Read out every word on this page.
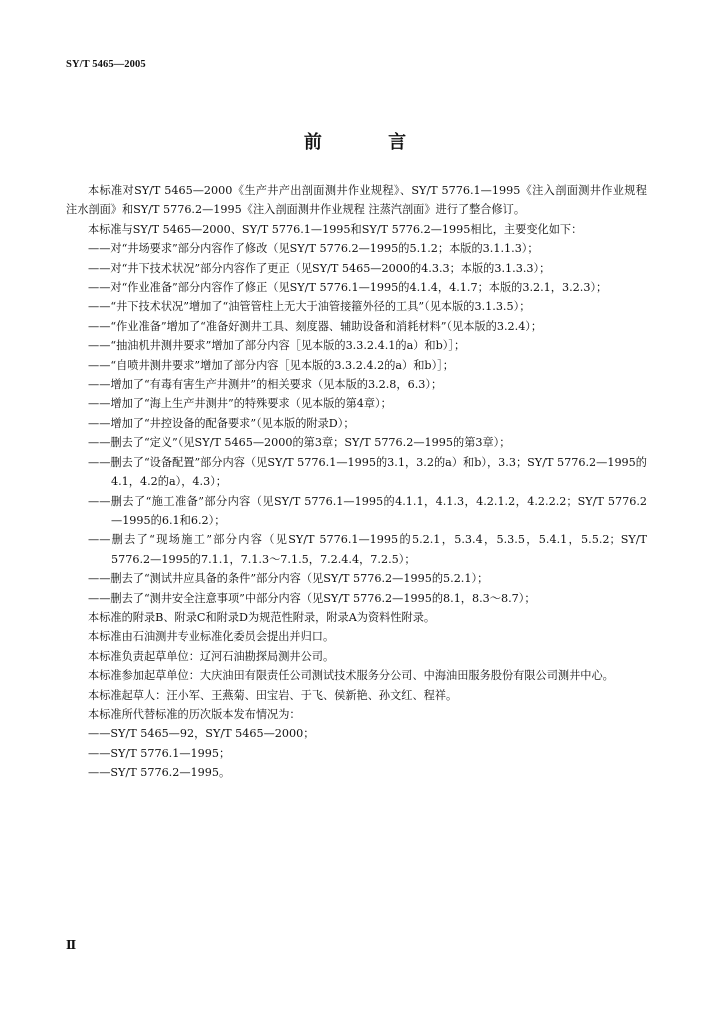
SY/T 5465—2005
前 言

本标准对SY/T 5465—2000《生产井产出剖面测井作业规程》、SY/T 5776.1—1995《注入剖面测井作业规程 注水剖面》和SY/T 5776.2—1995《注入剖面测井作业规程 注蒸汽剖面》进行了整合修订。

本标准与SY/T 5465—2000、SY/T 5776.1—1995和SY/T 5776.2—1995相比，主要变化如下：

——对“井场要求”部分内容作了修改（见SY/T 5776.2—1995的5.1.2；本版的3.1.1.3）；

——对“井下技术状况”部分内容作了更正（见SY/T 5465—2000的4.3.3；本版的3.1.3.3）；

——对“作业准备”部分内容作了修正（见SY/T 5776.1—1995的4.1.4，4.1.7；本版的3.2.1，3.2.3）；

——“井下技术状况”增加了“油管管柱上无大于油管接箍外径的工具”（见本版的3.1.3.5）；

——“作业准备”增加了“准备好测井工具、刻度器、辅助设备和消耗材料”（见本版的3.2.4）；

——“抽油机井测井要求”增加了部分内容［见本版的3.3.2.4.1的a）和b）］；

——“自喷井测井要求”增加了部分内容［见本版的3.3.2.4.2的a）和b）］；

——增加了“有毒有害生产井测井”的相关要求（见本版的3.2.8，6.3）；

——增加了“海上生产井测井”的特殊要求（见本版的第4章）；

——增加了“井控设备的配备要求”（见本版的附录D）；

——删去了“定义”（见SY/T 5465—2000的第3章；SY/T 5776.2—1995的第3章）；

——删去了“设备配置”部分内容（见SY/T 5776.1—1995的3.1，3.2的a）和b），3.3；SY/T 5776.2—1995的4.1，4.2的a），4.3）；

——删去了“施工准备”部分内容（见SY/T 5776.1—1995的4.1.1，4.1.3，4.2.1.2，4.2.2.2；SY/T 5776.2—1995的6.1和6.2）；

——删去了“现场施工”部分内容（见SY/T 5776.1—1995的5.2.1，5.3.4，5.3.5，5.4.1，5.5.2；SY/T 5776.2—1995的7.1.1，7.1.3～7.1.5，7.2.4.4，7.2.5）；

——删去了“测试井应具备的条件”部分内容（见SY/T 5776.2—1995的5.2.1）；

——删去了“测井安全注意事项”中部分内容（见SY/T 5776.2—1995的8.1，8.3～8.7）；

本标准的附录B、附录C和附录D为规范性附录，附录A为资料性附录。

本标准由石油测井专业标准化委员会提出并归口。

本标准负责起草单位：辽河石油勘探局测井公司。

本标准参加起草单位：大庆油田有限责任公司测试技术服务分公司、中海油田服务股份有限公司测井中心。

本标准起草人：汪小军、王燕菊、田宝岩、于飞、侯新艳、孙文红、程祥。

本标准所代替标准的历次版本发布情况为：

——SY/T 5465—92，SY/T 5465—2000；

——SY/T 5776.1—1995；

——SY/T 5776.2—1995。

Ⅱ
